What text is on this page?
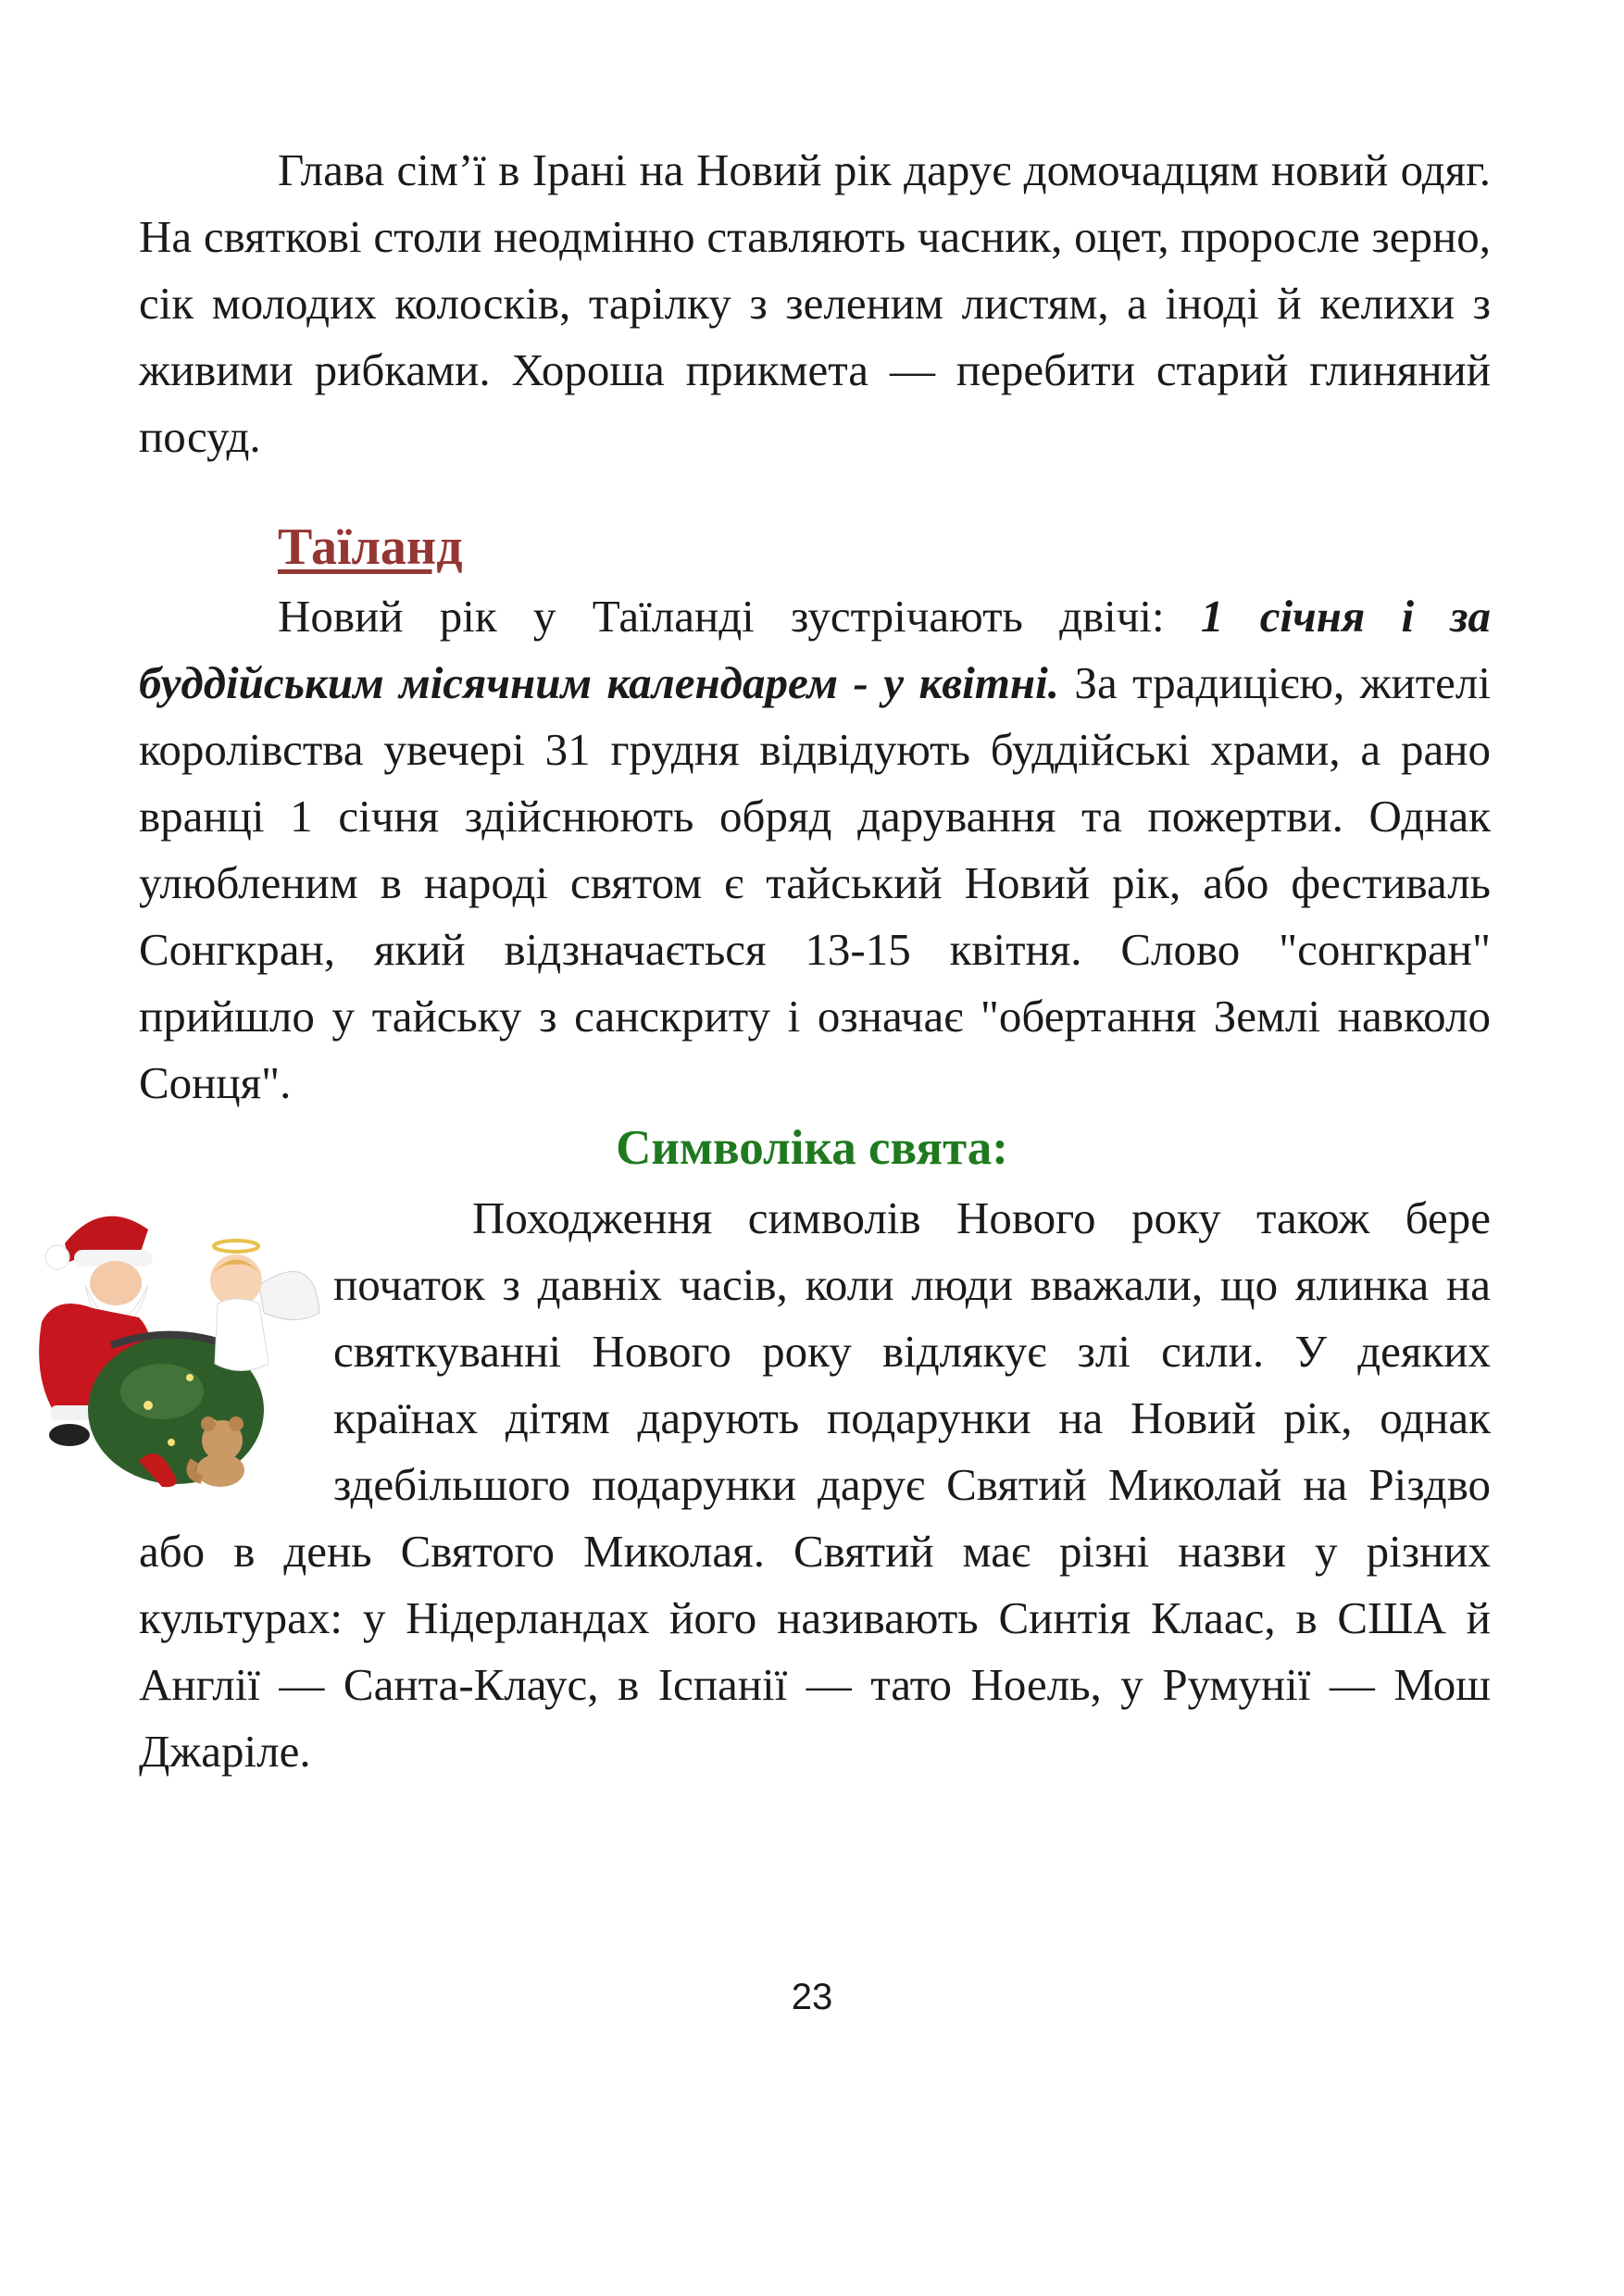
Глава сім’ї в Ірані на Новий рік дарує домочадцям новий одяг. На святкові столи неодмінно ставляють часник, оцет, проросле зерно, сік молодих колосків, тарілку з зеленим листям, а іноді й келихи з живими рибками. Хороша прикмета — перебити старий глиняний посуд.

Таїланд

Новий рік у Таїланді зустрічають двічі: 1 січня і за буддійським місячним календарем - у квітні. За традицією, жителі королівства увечері 31 грудня відвідують буддійські храми, а рано вранці 1 січня здійснюють обряд дарування та пожертви. Однак улюбленим в народі святом є тайський Новий рік, або фестиваль Сонгкран, який відзначається 13-15 квітня. Слово "сонгкран" прийшло у тайську з санскриту і означає "обертання Землі навколо Сонця".

Символіка свята:

Походження символів Нового року також бере початок з давніх часів, коли люди вважали, що ялинка на святкуванні Нового року відлякує злі сили. У деяких країнах дітям дарують подарунки на Новий рік, однак здебільшого подарунки дарує Святий Миколай на Різдво або в день Святого Миколая. Святий має різні назви у різних культурах: у Нідерландах його називають Синтія Клаас, в США й Англії — Санта-Клаус, в Іспанії — тато Ноель, у Румунії — Мош Джаріле.

23
